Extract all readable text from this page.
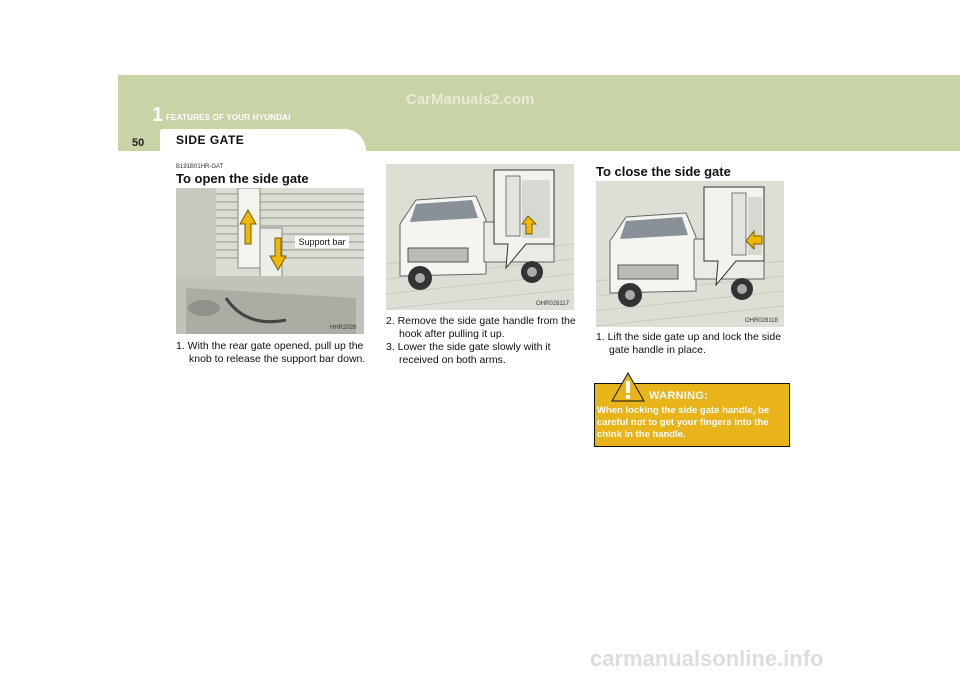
1 FEATURES OF YOUR HYUNDAI
CarManuals2.com
50	SIDE GATE
B191B01HR-GAT
To open the side gate
Support bar
HHR2026

1. With the rear gate opened, pull up the knob to release the support bar down.

OHR028117

2. Remove the side gate handle from the hook after pulling it up.

3. Lower the side gate slowly with it received on both arms.

To close the side gate
OHR028118

1. Lift the side gate up and lock the side gate handle in place.

WARNING:
When locking the side gate handle, be careful not to get your fingers into the chink in the handle.
carmanualsonline.info
